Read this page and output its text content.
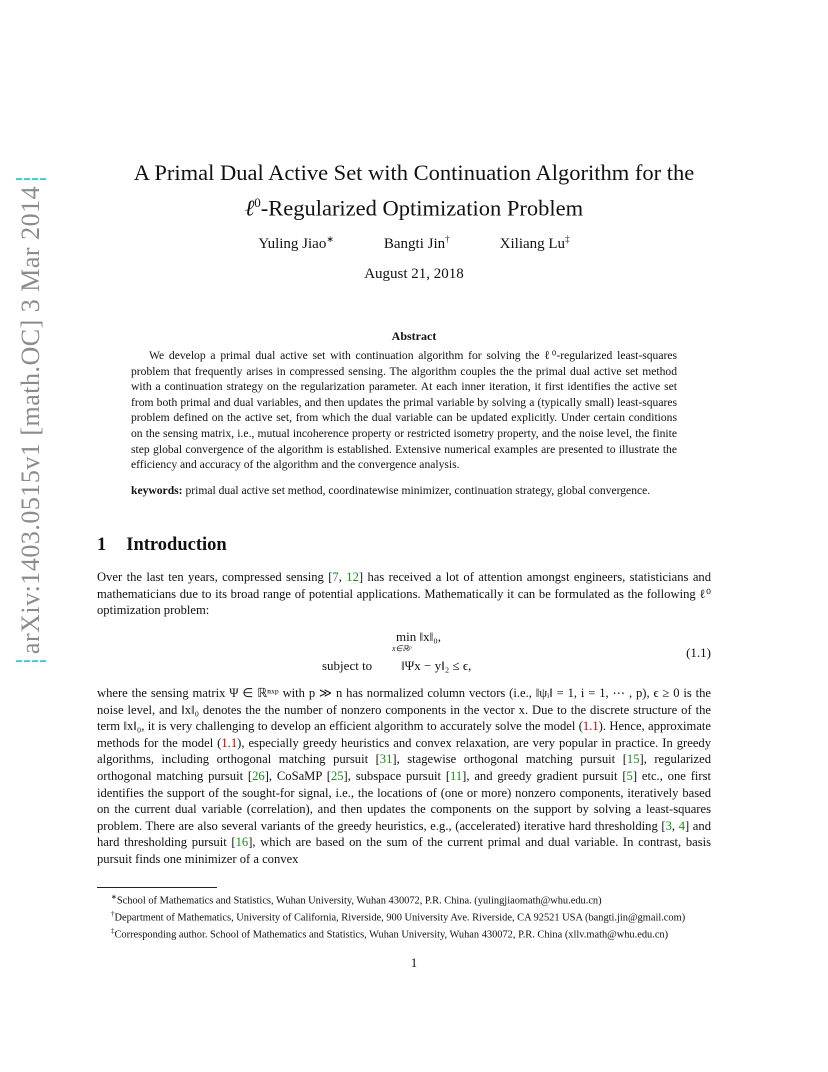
arXiv:1403.0515v1 [math.OC] 3 Mar 2014
A Primal Dual Active Set with Continuation Algorithm for the
ℓ$^0$-Regularized Optimization Problem
Yuling Jiao∗	Bangti Jin†	Xiliang Lu‡
August 21, 2018
Abstract
We develop a primal dual active set with continuation algorithm for solving the ℓ⁰-regularized least-squares problem that frequently arises in compressed sensing. The algorithm couples the the primal dual active set method with a continuation strategy on the regularization parameter. At each inner iteration, it first identifies the active set from both primal and dual variables, and then updates the primal variable by solving a (typically small) least-squares problem defined on the active set, from which the dual variable can be updated explicitly. Under certain conditions on the sensing matrix, i.e., mutual incoherence property or restricted isometry property, and the noise level, the finite step global convergence of the algorithm is established. Extensive numerical examples are presented to illustrate the efficiency and accuracy of the algorithm and the convergence analysis.
keywords: primal dual active set method, coordinatewise minimizer, continuation strategy, global convergence.
1 Introduction
Over the last ten years, compressed sensing [7, 12] has received a lot of attention amongst engineers, statisticians and mathematicians due to its broad range of potential applications. Mathematically it can be formulated as the following ℓ⁰ optimization problem:
min ‖x‖₀,
x∈ℝᵖ
subject to ‖Ψx − y‖₂ ≤ ϵ,
(1.1)
where the sensing matrix Ψ ∈ ℝⁿˣᵖ with p ≫ n has normalized column vectors (i.e., ‖ψᵢ‖ = 1, i = 1, ⋯ , p), ϵ ≥ 0 is the noise level, and ‖x‖₀ denotes the the number of nonzero components in the vector x. Due to the discrete structure of the term ‖x‖₀, it is very challenging to develop an efficient algorithm to accurately solve the model (1.1). Hence, approximate methods for the model (1.1), especially greedy heuristics and convex relaxation, are very popular in practice. In greedy algorithms, including orthogonal matching pursuit [31], stagewise orthogonal matching pursuit [15], regularized orthogonal matching pursuit [26], CoSaMP [25], subspace pursuit [11], and greedy gradient pursuit [5] etc., one first identifies the support of the sought-for signal, i.e., the locations of (one or more) nonzero components, iteratively based on the current dual variable (correlation), and then updates the components on the support by solving a least-squares problem. There are also several variants of the greedy heuristics, e.g., (accelerated) iterative hard thresholding [3, 4] and hard thresholding pursuit [16], which are based on the sum of the current primal and dual variable. In contrast, basis pursuit finds one minimizer of a convex

∗School of Mathematics and Statistics, Wuhan University, Wuhan 430072, P.R. China. (yulingjiaomath@whu.edu.cn)

†Department of Mathematics, University of California, Riverside, 900 University Ave. Riverside, CA 92521 USA (bangti.jin@gmail.com)

‡Corresponding author. School of Mathematics and Statistics, Wuhan University, Wuhan 430072, P.R. China (xllv.math@whu.edu.cn)

1
